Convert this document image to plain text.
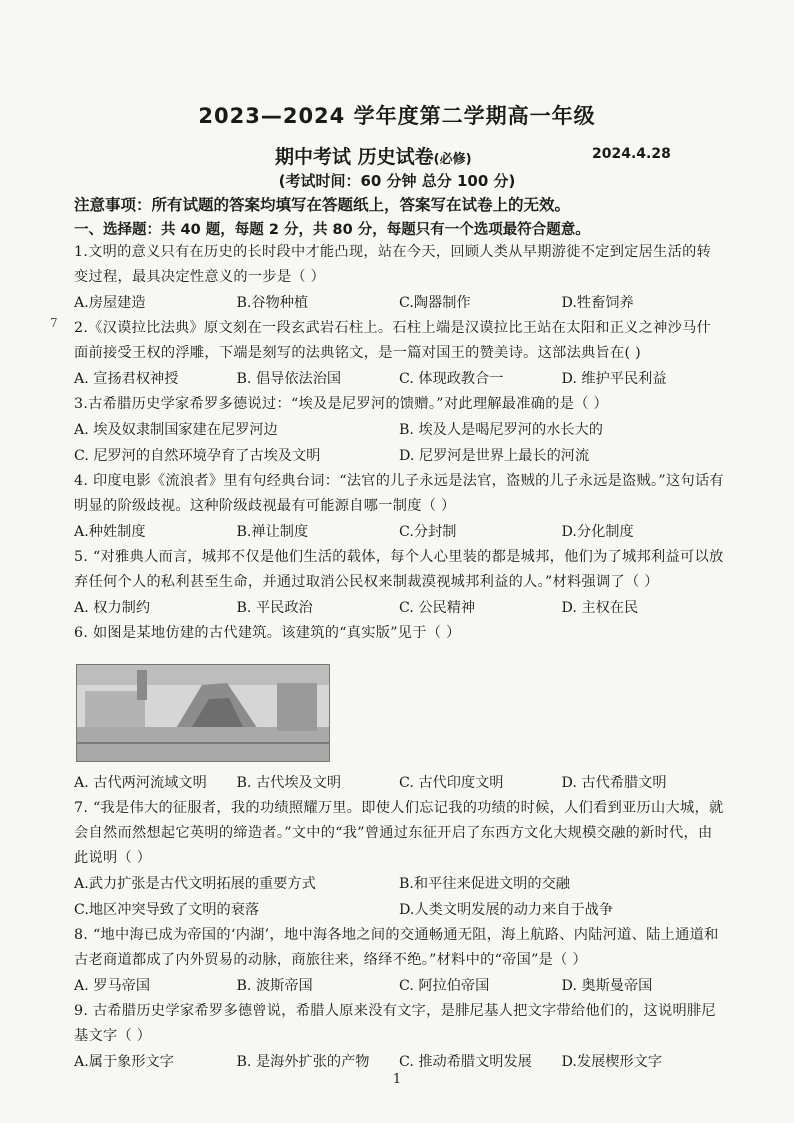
2023—2024 学年度第二学期高一年级
期中考试 历史试卷(必修)	2024.4.28
(考试时间：60 分钟 总分 100 分)
注意事项：所有试题的答案均填写在答题纸上，答案写在试卷上的无效。
一、选择题：共 40 题，每题 2 分，共 80 分，每题只有一个选项最符合题意。
7

1.文明的意义只有在历史的长时段中才能凸现，站在今天，回顾人类从早期游徙不定到定居生活的转变过程，最具决定性意义的一步是（ ）

A.房屋建造	B.谷物种植	C.陶器制作	D.牲畜饲养

2.《汉谟拉比法典》原文刻在一段玄武岩石柱上。石柱上端是汉谟拉比王站在太阳和正义之神沙马什面前接受王权的浮雕，下端是刻写的法典铭文，是一篇对国王的赞美诗。这部法典旨在( )

A. 宣扬君权神授	B. 倡导依法治国	C. 体现政教合一	D. 维护平民利益

3.古希腊历史学家希罗多德说过：“埃及是尼罗河的馈赠。”对此理解最准确的是（ ）

A. 埃及奴隶制国家建在尼罗河边	B. 埃及人是喝尼罗河的水长大的
C. 尼罗河的自然环境孕育了古埃及文明	D. 尼罗河是世界上最长的河流

4. 印度电影《流浪者》里有句经典台词：“法官的儿子永远是法官，盗贼的儿子永远是盗贼。”这句话有明显的阶级歧视。这种阶级歧视最有可能源自哪一制度（ ）

A.种姓制度	B.禅让制度	C.分封制	D.分化制度

5. “对雅典人而言，城邦不仅是他们生活的载体，每个人心里装的都是城邦，他们为了城邦利益可以放弃任何个人的私利甚至生命，并通过取消公民权来制裁漠视城邦利益的人。”材料强调了（ ）

A. 权力制约	B. 平民政治	C. 公民精神	D. 主权在民

6. 如图是某地仿建的古代建筑。该建筑的“真实版”见于（ ）

A. 古代两河流域文明	B. 古代埃及文明	C. 古代印度文明	D. 古代希腊文明

7. “我是伟大的征服者，我的功绩照耀万里。即使人们忘记我的功绩的时候，人们看到亚历山大城，就会自然而然想起它英明的缔造者。”文中的“我”曾通过东征开启了东西方文化大规模交融的新时代，由此说明（ ）

A.武力扩张是古代文明拓展的重要方式	B.和平往来促进文明的交融
C.地区冲突导致了文明的衰落	D.人类文明发展的动力来自于战争

8. “地中海已成为帝国的‘内湖’，地中海各地之间的交通畅通无阻，海上航路、内陆河道、陆上通道和古老商道都成了内外贸易的动脉，商旅往来，络绎不绝。”材料中的“帝国”是（ ）

A. 罗马帝国	B. 波斯帝国	C. 阿拉伯帝国	D. 奥斯曼帝国

9. 古希腊历史学家希罗多德曾说，希腊人原来没有文字，是腓尼基人把文字带给他们的，这说明腓尼基文字（ ）

A.属于象形文字	B. 是海外扩张的产物	C. 推动希腊文明发展	D.发展楔形文字
1
